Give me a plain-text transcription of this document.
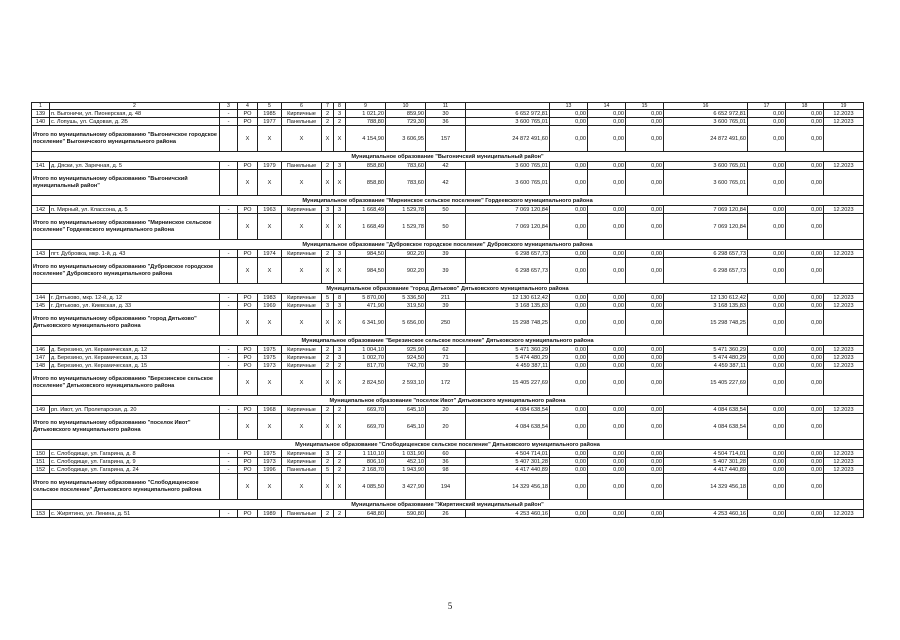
1	2	3	4	5	6	7	8	9	10	11		13	14	15	16	17	18	19
139	п. Выгоничи, ул. Пионерская, д. 48	-	РО	1985	Кирпичные	2	3	1 021,20	859,90	30	6 652 972,81	0,00	0,00	0,00	6 652 972,81	0,00	0,00	12.2023
140	с. Лопушь, ул. Садовая, д. 2Б	-	РО	1977	Панельные	2	2	788,80	729,30	36	3 600 765,01	0,00	0,00	0,00	3 600 765,01	0,00	0,00	12.2023
Итого по муниципальному образованию "Выгоничское городское поселение" Выгоничского муниципального района			X	X	X	X	X	4 154,90	3 606,95	157	24 872 491,60	0,00	0,00	0,00	24 872 491,60	0,00	0,00	
Муниципальное образование "Выгоничский муниципальный район"																		
141	д. Дяски, ул. Заречная, д. 5	-	РО	1979	Панельные	2	3	858,80	783,60	42	3 600 765,01	0,00	0,00	0,00	3 600 765,01	0,00	0,00	12.2023
Итого по муниципальному образованию "Выгоничский муниципальный район"			X	X	X	X	X	858,80	783,60	42	3 600 765,01	0,00	0,00	0,00	3 600 765,01	0,00	0,00	
Муниципальное образование "Мирнинское сельское поселение" Гордеевского муниципального района																		
142	п. Мирный, ул. Классона, д. 5	-	РО	1963	Кирпичные	3	3	1 668,49	1 529,78	50	7 069 120,84	0,00	0,00	0,00	7 069 120,84	0,00	0,00	12.2023
Итого по муниципальному образованию "Мирнинское сельское поселение" Гордеевского муниципального района			X	X	X	X	X	1 668,49	1 529,78	50	7 069 120,84	0,00	0,00	0,00	7 069 120,84	0,00	0,00	
Муниципальное образование "Дубровское городское поселение" Дубровского муниципального района																		
143	пгт. Дубровка, мкр. 1-й, д. 43	-	РО	1974	Кирпичные	2	3	984,50	902,20	39	6 298 657,73	0,00	0,00	0,00	6 298 657,73	0,00	0,00	12.2023
Итого по муниципальному образованию "Дубровское городское поселение" Дубровского муниципального района			X	X	X	X	X	984,50	902,20	39	6 298 657,73	0,00	0,00	0,00	6 298 657,73	0,00	0,00	
Муниципальное образование "город Дятьково" Дятьковского муниципального района																		
144	г. Дятьково, мкр. 12-й, д. 12	-	РО	1983	Кирпичные	5	8	5 870,00	5 336,50	211	12 130 612,42	0,00	0,00	0,00	12 130 612,42	0,00	0,00	12.2023
145	г. Дятьково, ул. Киевская, д. 33	-	РО	1969	Кирпичные	3	3	471,90	319,50	39	3 168 135,83	0,00	0,00	0,00	3 168 135,83	0,00	0,00	12.2023
Итого по муниципальному образованию "город Дятьково" Дятьковского муниципального района			X	X	X	X	X	6 341,90	5 656,00	250	15 298 748,25	0,00	0,00	0,00	15 298 748,25	0,00	0,00	
Муниципальное образование "Березинское сельское поселение" Дятьковского муниципального района																		
146	д. Березино, ул. Керамическая, д. 12	-	РО	1975	Кирпичные	2	3	1 004,10	925,90	62	5 471 360,29	0,00	0,00	0,00	5 471 360,29	0,00	0,00	12.2023
147	д. Березино, ул. Керамическая, д. 13	-	РО	1975	Кирпичные	2	3	1 002,70	924,50	71	5 474 480,29	0,00	0,00	0,00	5 474 480,29	0,00	0,00	12.2023
148	д. Березино, ул. Керамическая, д. 15	-	РО	1973	Кирпичные	2	2	817,70	742,70	39	4 459 387,11	0,00	0,00	0,00	4 459 387,11	0,00	0,00	12.2023
Итого по муниципальному образованию "Березинское сельское поселение" Дятьковского муниципального района			X	X	X	X	X	2 824,50	2 593,10	172	15 405 227,69	0,00	0,00	0,00	15 405 227,69	0,00	0,00	
Муниципальное образование "поселок Ивот" Дятьковского муниципального района																		
149	рп. Ивот, ул. Пролетарская, д. 20	-	РО	1968	Кирпичные	2	2	669,70	645,10	20	4 084 638,54	0,00	0,00	0,00	4 084 638,54	0,00	0,00	12.2023
Итого по муниципальному образованию "поселок Ивот" Дятьковского муниципального района			X	X	X	X	X	669,70	645,10	20	4 084 638,54	0,00	0,00	0,00	4 084 638,54	0,00	0,00	
Муниципальное образование "Слободищенское сельское поселение" Дятьковского муниципального района																		
150	с. Слободище, ул. Гагарина, д. 8	-	РО	1975	Кирпичные	3	2	1 110,10	1 031,90	60	4 504 714,01	0,00	0,00	0,00	4 504 714,01	0,00	0,00	12.2023
151	с. Слободище, ул. Гагарина, д. 9	-	РО	1973	Кирпичные	2	2	806,10	452,10	36	5 407 301,28	0,00	0,00	0,00	5 407 301,28	0,00	0,00	12.2023
152	с. Слободище, ул. Гагарина, д. 24	-	РО	1996	Панельные	5	2	2 168,70	1 943,90	98	4 417 440,89	0,00	0,00	0,00	4 417 440,89	0,00	0,00	12.2023
Итого по муниципальному образованию "Слободищенское сельское поселение" Дятьковского муниципального района			X	X	X	X	X	4 085,50	3 427,90	194	14 329 456,18	0,00	0,00	0,00	14 329 456,18	0,00	0,00	
Муниципальное образование "Жирятинский муниципальный район"																		
153	с. Жирятино, ул. Ленина, д. 51	-	РО	1989	Панельные	2	2	648,80	590,80	26	4 253 460,16	0,00	0,00	0,00	4 253 460,16	0,00	0,00	12.2023
5
